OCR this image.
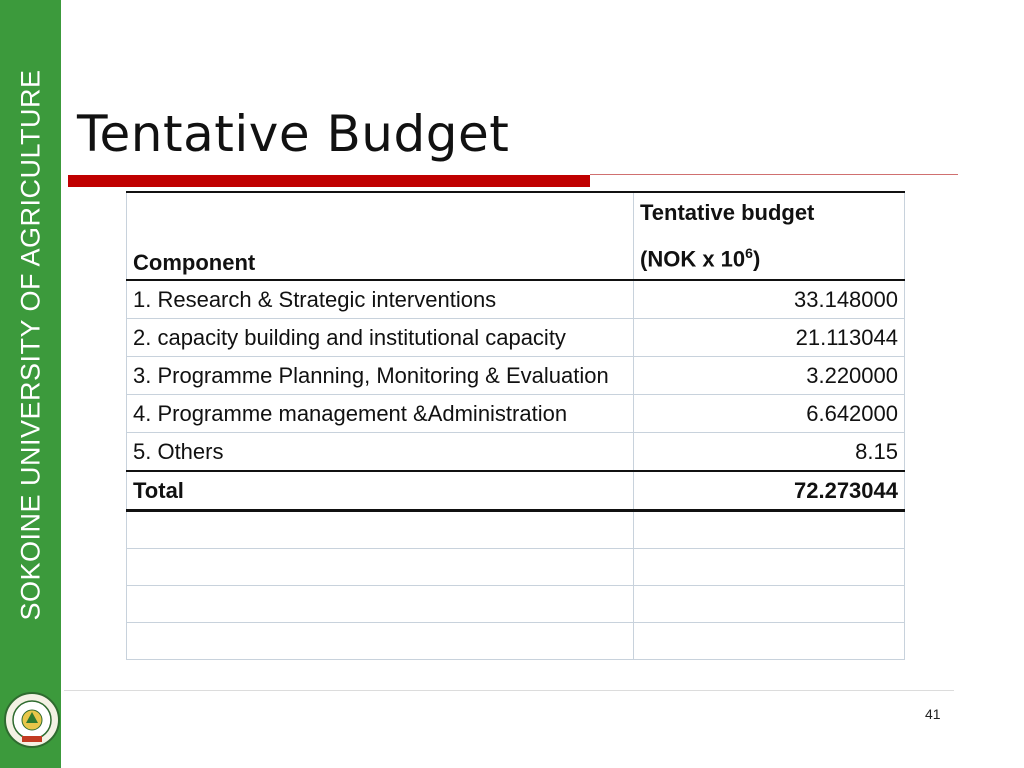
SOKOINE UNIVERSITY OF AGRICULTURE Tentative Budget
Component	Tentative budget
(NOK x $10^6$)

1. Research & Strategic interventions	33.148000
2. capacity building and institutional capacity	21.113044
3. Programme Planning, Monitoring & Evaluation	3.220000
4. Programme management &Administration	6.642000
5. Others	8.15
Total	72.273044

41
